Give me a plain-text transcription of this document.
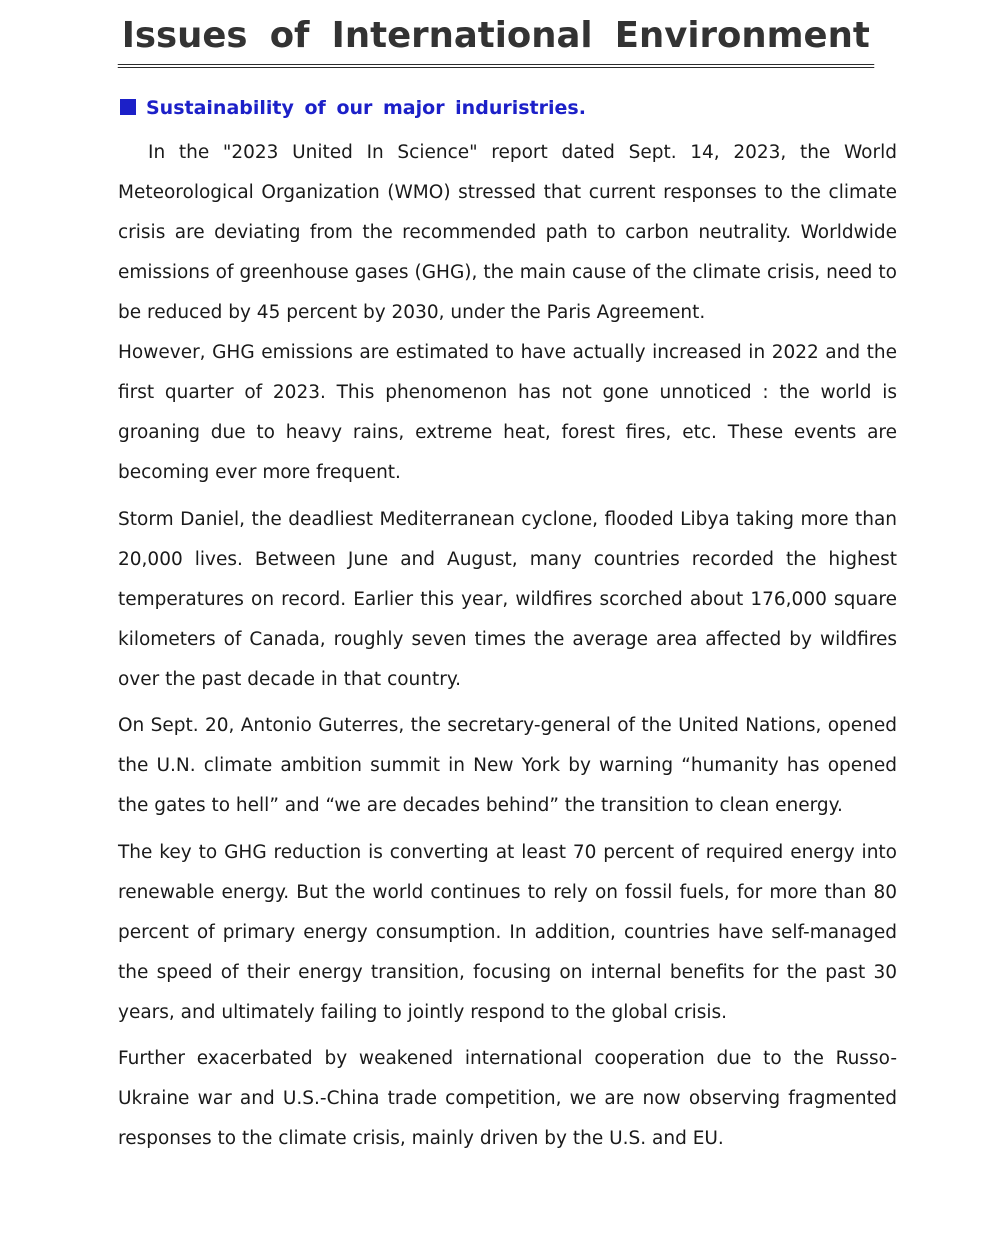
Issues of International Environment
Sustainability of our major induristries.

In the "2023 United In Science" report dated Sept. 14, 2023, the World Meteorological Organization (WMO) stressed that current responses to the climate crisis are deviating from the recommended path to carbon neutrality. Worldwide emissions of greenhouse gases (GHG), the main cause of the climate crisis, need to be reduced by 45 percent by 2030, under the Paris Agreement.

However, GHG emissions are estimated to have actually increased in 2022 and the first quarter of 2023. This phenomenon has not gone unnoticed : the world is groaning due to heavy rains, extreme heat, forest fires, etc. These events are becoming ever more frequent.

Storm Daniel, the deadliest Mediterranean cyclone, flooded Libya taking more than 20,000 lives. Between June and August, many countries recorded the highest temperatures on record. Earlier this year, wildfires scorched about 176,000 square kilometers of Canada, roughly seven times the average area affected by wildfires over the past decade in that country.

On Sept. 20, Antonio Guterres, the secretary-general of the United Nations, opened the U.N. climate ambition summit in New York by warning “humanity has opened the gates to hell” and “we are decades behind” the transition to clean energy.

The key to GHG reduction is converting at least 70 percent of required energy into renewable energy. But the world continues to rely on fossil fuels, for more than 80 percent of primary energy consumption. In addition, countries have self-managed the speed of their energy transition, focusing on internal benefits for the past 30 years, and ultimately failing to jointly respond to the global crisis.

Further exacerbated by weakened international cooperation due to the Russo-Ukraine war and U.S.-China trade competition, we are now observing fragmented responses to the climate crisis, mainly driven by the U.S. and EU.
